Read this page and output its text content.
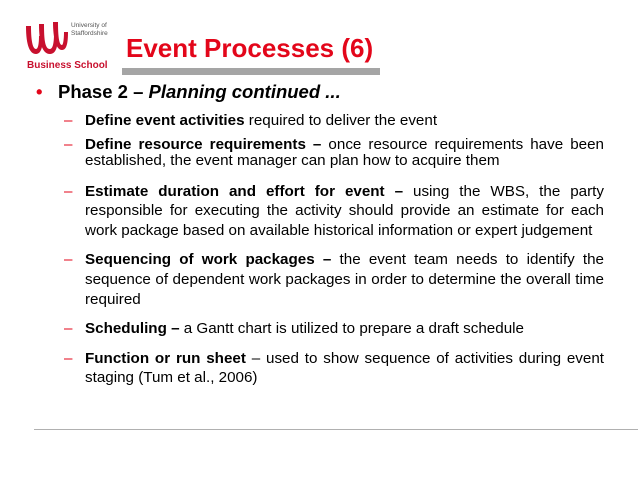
University of
Staffordshire
Business School
Event Processes (6)
• Phase 2 – Planning continued ...
– Define event activities required to deliver the event
– Define resource requirements – once resource requirements have been established, the event manager can plan how to acquire them
– Estimate duration and effort for event – using the WBS, the party responsible for executing the activity should provide an estimate for each work package based on available historical information or expert judgement
– Sequencing of work packages – the event team needs to identify the sequence of dependent work packages in order to determine the overall time required
– Scheduling – a Gantt chart is utilized to prepare a draft schedule
– Function or run sheet – used to show sequence of activities during event staging (Tum et al., 2006)
